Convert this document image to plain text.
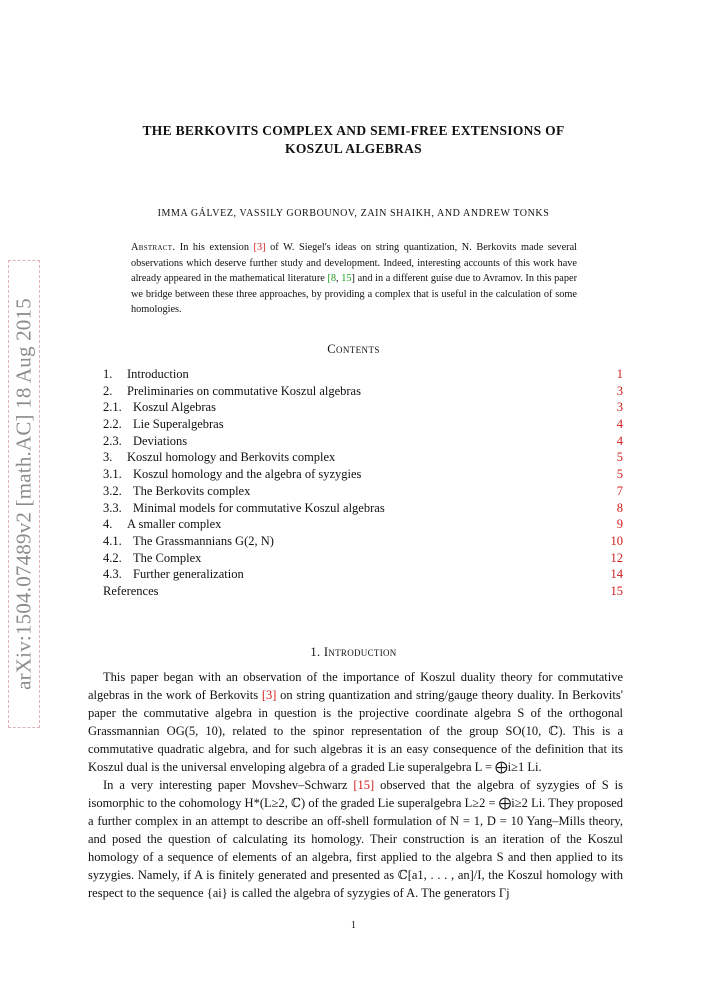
arXiv:1504.07489v2 [math.AC] 18 Aug 2015
THE BERKOVITS COMPLEX AND SEMI-FREE EXTENSIONS OF
KOSZUL ALGEBRAS
IMMA GÁLVEZ, VASSILY GORBOUNOV, ZAIN SHAIKH, AND ANDREW TONKS
Abstract. In his extension [3] of W. Siegel's ideas on string quantization, N. Berkovits made several observations which deserve further study and development. Indeed, interesting accounts of this work have already appeared in the mathematical literature [8, 15] and in a different guise due to Avramov. In this paper we bridge between these three approaches, by providing a complex that is useful in the calculation of some homologies.
Contents
1. Introduction	1
2. Preliminaries on commutative Koszul algebras	3
2.1. Koszul Algebras	3
2.2. Lie Superalgebras	4
2.3. Deviations	4
3. Koszul homology and Berkovits complex	5
3.1. Koszul homology and the algebra of syzygies	5
3.2. The Berkovits complex	7
3.3. Minimal models for commutative Koszul algebras	8
4. A smaller complex	9
4.1. The Grassmannians G(2, N)	10
4.2. The Complex	12
4.3. Further generalization	14
References	15
1. Introduction

This paper began with an observation of the importance of Koszul duality theory for commutative algebras in the work of Berkovits [3] on string quantization and string/gauge theory duality. In Berkovits' paper the commutative algebra in question is the projective coordinate algebra S of the orthogonal Grassmannian OG(5, 10), related to the spinor representation of the group SO(10, ℂ). This is a commutative quadratic algebra, and for such algebras it is an easy consequence of the definition that its Koszul dual is the universal enveloping algebra of a graded Lie superalgebra L = ⨁i≥1 Li.

In a very interesting paper Movshev–Schwarz [15] observed that the algebra of syzygies of S is isomorphic to the cohomology H*(L≥2, ℂ) of the graded Lie superalgebra L≥2 = ⨁i≥2 Li. They proposed a further complex in an attempt to describe an off-shell formulation of N = 1, D = 10 Yang–Mills theory, and posed the question of calculating its homology. Their construction is an iteration of the Koszul homology of a sequence of elements of an algebra, first applied to the algebra S and then applied to its syzygies. Namely, if A is finitely generated and presented as ℂ[a1, . . . , an]/I, the Koszul homology with respect to the sequence {ai} is called the algebra of syzygies of A. The generators Γj

1
